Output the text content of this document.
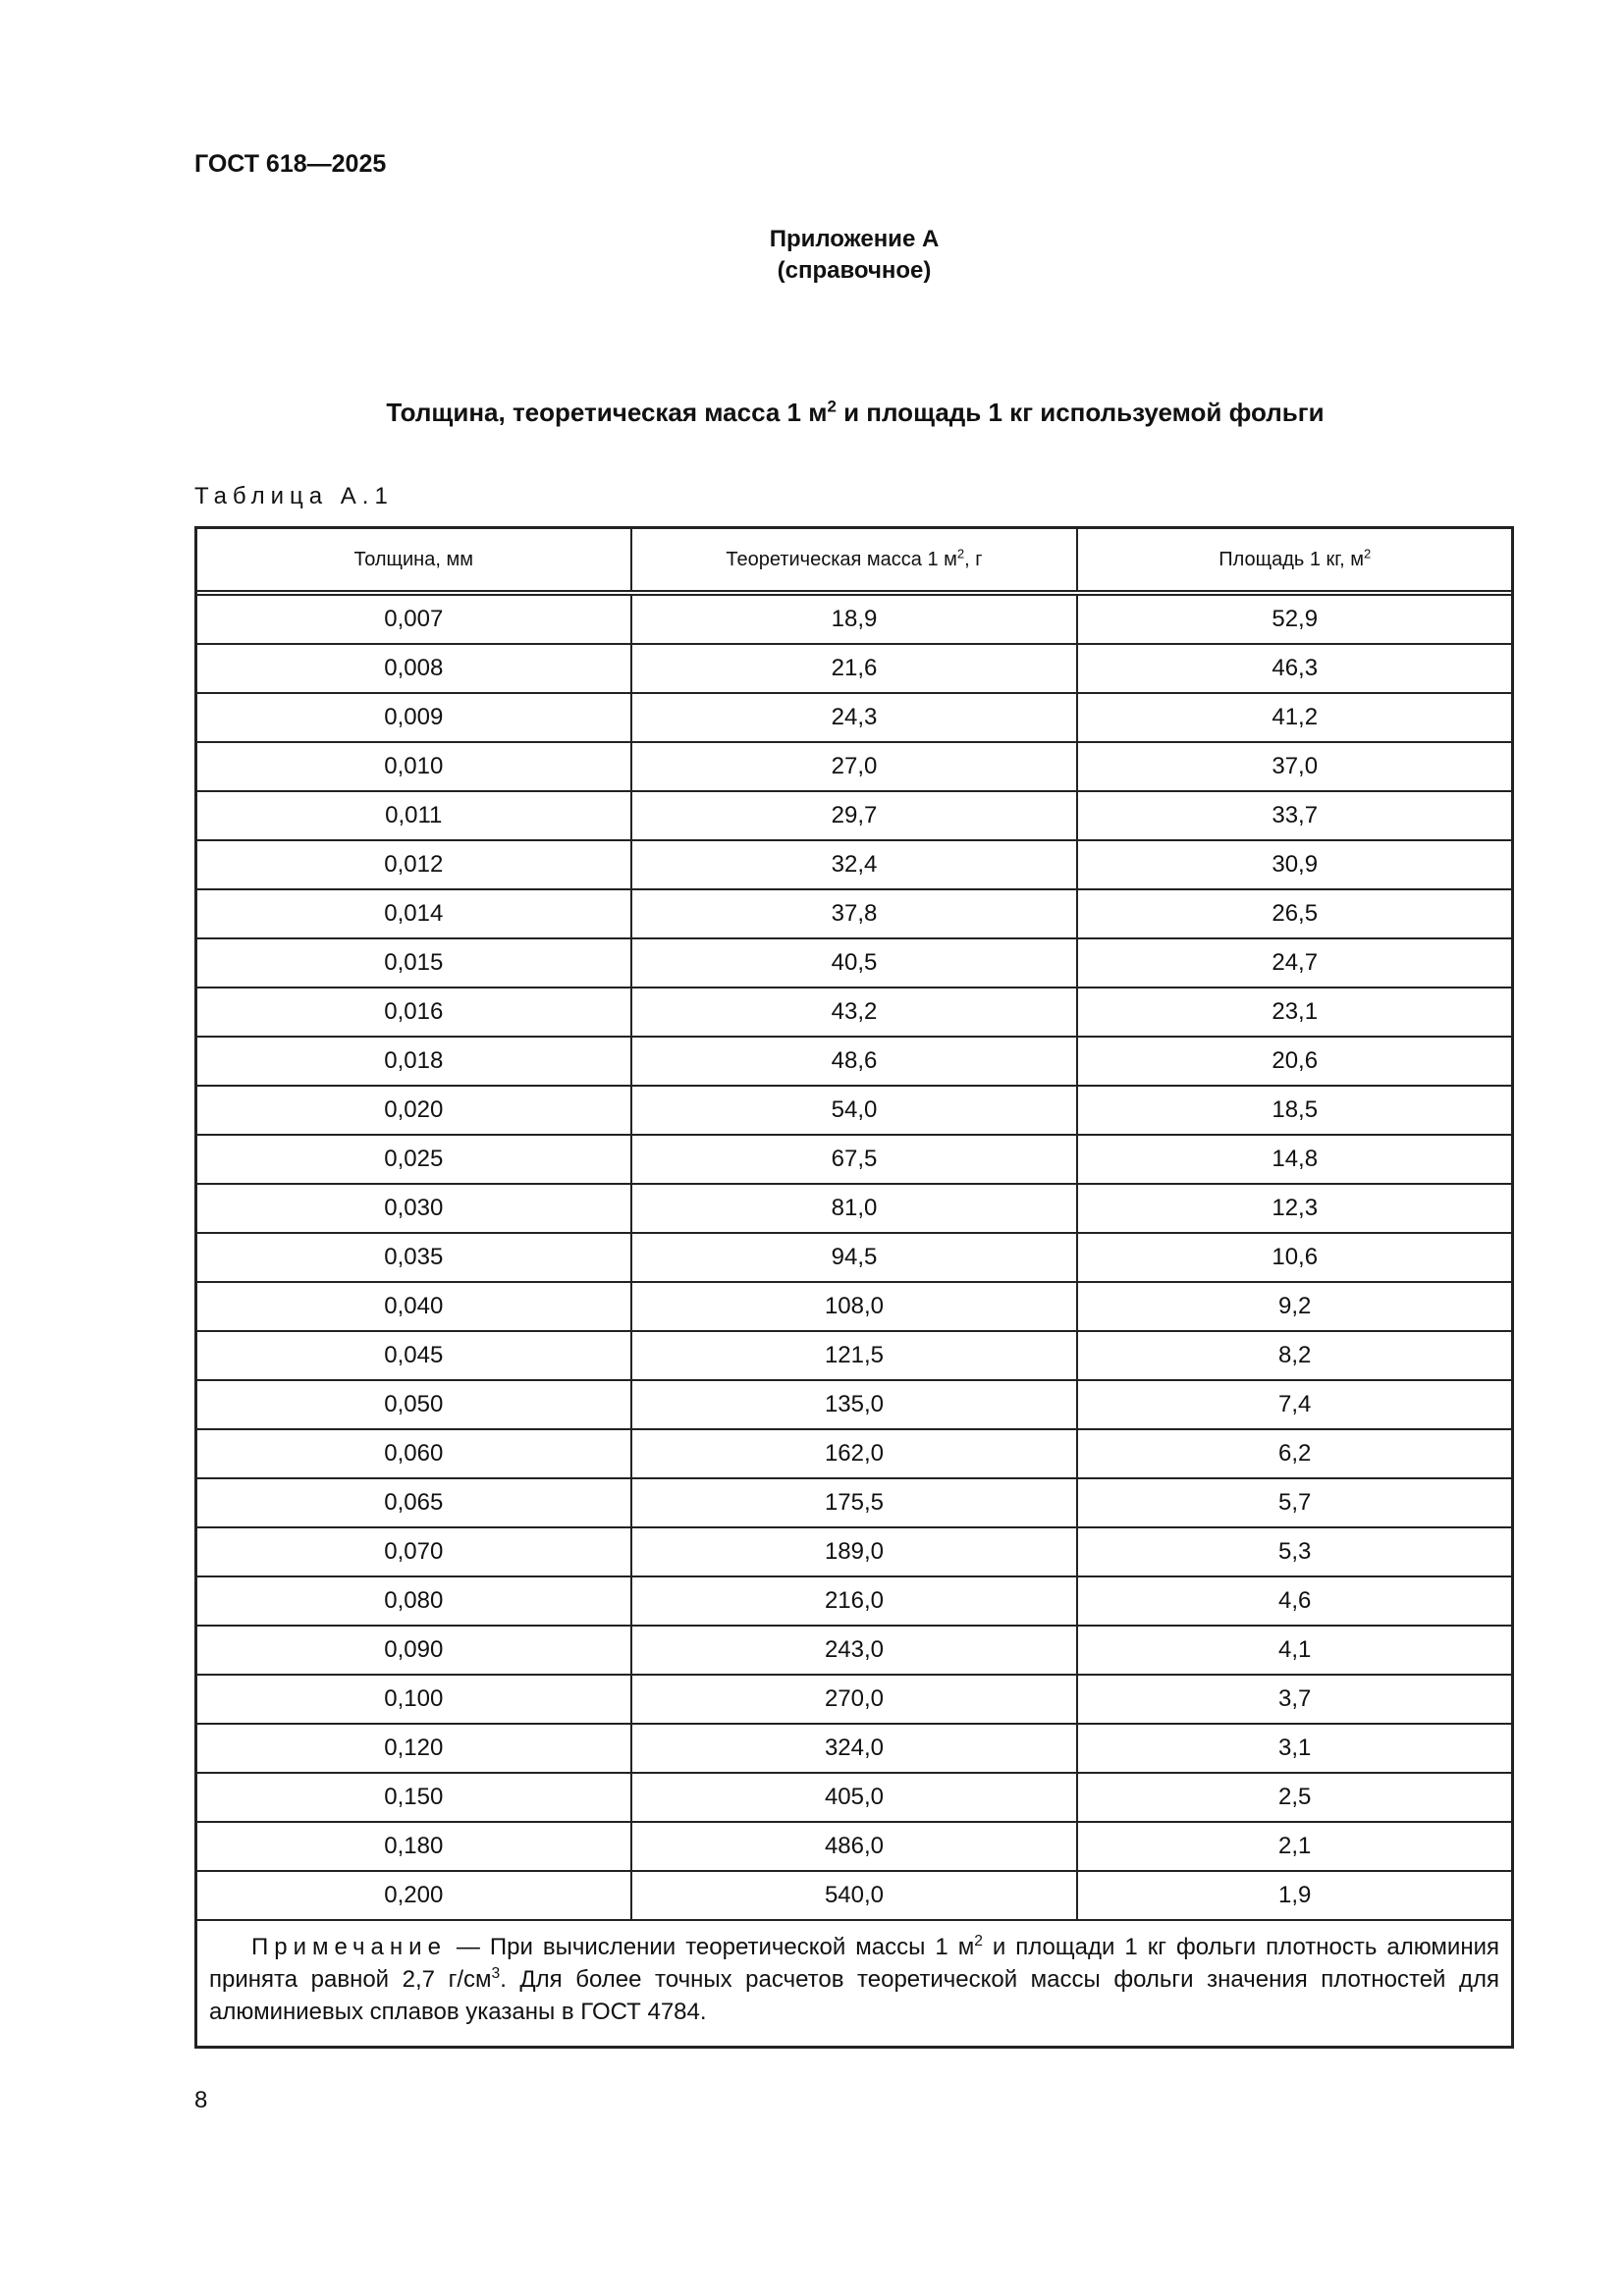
ГОСТ 618—2025
Приложение А
(справочное)
Толщина, теоретическая масса 1 $м^2$ и площадь 1 кг используемой фольги
Таблица А.1
Толщина, мм	Теоретическая масса 1 $м^2$, г	Площадь 1 кг, $м^2$
0,007	18,9	52,9
0,008	21,6	46,3
0,009	24,3	41,2
0,010	27,0	37,0
0,011	29,7	33,7
0,012	32,4	30,9
0,014	37,8	26,5
0,015	40,5	24,7
0,016	43,2	23,1
0,018	48,6	20,6
0,020	54,0	18,5
0,025	67,5	14,8
0,030	81,0	12,3
0,035	94,5	10,6
0,040	108,0	9,2
0,045	121,5	8,2
0,050	135,0	7,4
0,060	162,0	6,2
0,065	175,5	5,7
0,070	189,0	5,3
0,080	216,0	4,6
0,090	243,0	4,1
0,100	270,0	3,7
0,120	324,0	3,1
0,150	405,0	2,5
0,180	486,0	2,1
0,200	540,0	1,9
Примечание — При вычислении теоретической массы 1 $м^2$ и площади 1 кг фольги плотность алюминия принята равной 2,7 $г/см^3$. Для более точных расчетов теоретической массы фольги значения плотностей для алюминиевых сплавов указаны в ГОСТ 4784.
8
